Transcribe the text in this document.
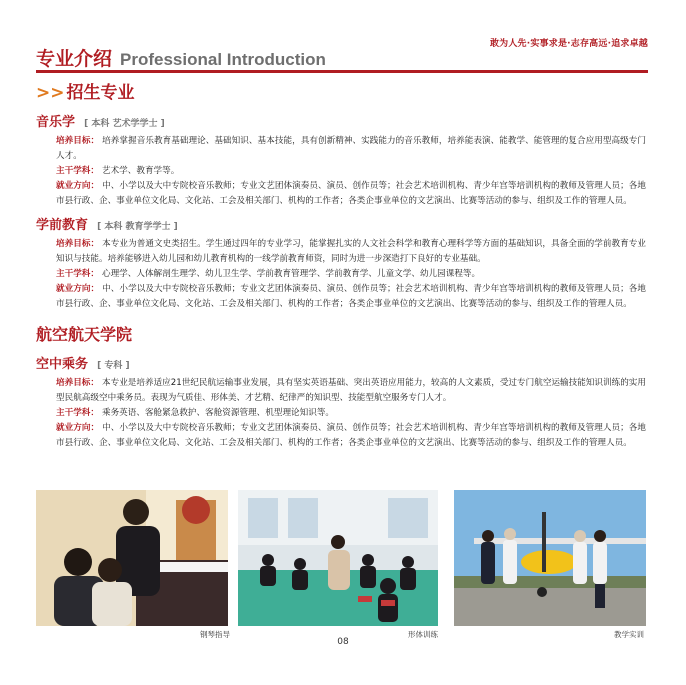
敢为人先·实事求是·志存高远·追求卓越
专业介绍 Professional Introduction
>> 招生专业
音乐学 [ 本科 艺术学学士 ]
培养目标： 培养掌握音乐教育基础理论、基础知识、基本技能，具有创新精神、实践能力的音乐教师，培养能表演、能教学、能管理的复合应用型高级专门人才。
主干学科： 艺术学、教育学等。
就业方向： 中、小学以及大中专院校音乐教师；专业文艺团体演奏员、演员、创作员等；社会艺术培训机构、青少年宫等培训机构的教师及管理人员；各地市县行政、企、事业单位文化局、文化站、工会及相关部门、机构的工作者；各类企事业单位的文艺演出、比赛等活动的参与、组织及工作的管理人员。
学前教育 [ 本科 教育学学士 ]
培养目标： 本专业为普通文史类招生。学生通过四年的专业学习，能掌握扎实的人文社会科学和教育心理科学等方面的基础知识，具备全面的学前教育专业知识与技能。培养能够进入幼儿园和幼儿教育机构的一线学前教育师资，同时为进一步深造打下良好的专业基础。
主干学科： 心理学、人体解剖生理学、幼儿卫生学、学前教育管理学、学前教育学、儿童文学、幼儿园课程等。
就业方向： 中、小学以及大中专院校音乐教师；专业文艺团体演奏员、演员、创作员等；社会艺术培训机构、青少年宫等培训机构的教师及管理人员；各地市县行政、企、事业单位文化局、文化站、工会及相关部门、机构的工作者；各类企事业单位的文艺演出、比赛等活动的参与、组织及工作的管理人员。
航空航天学院
空中乘务 [ 专科 ]
培养目标： 本专业是培养适应21世纪民航运输事业发展，具有坚实英语基础、突出英语应用能力，较高的人文素质，受过专门航空运输技能知识训练的实用型民航高级空中乘务员。表现为气质佳、形体美、才艺精、纪律严的知识型、技能型航空服务专门人才。
主干学科： 乘务英语、客舱紧急救护、客舱资源管理、机型理论知识等。
就业方向： 中、小学以及大中专院校音乐教师；专业文艺团体演奏员、演员、创作员等；社会艺术培训机构、青少年宫等培训机构的教师及管理人员；各地市县行政、企、事业单位文化局、文化站、工会及相关部门、机构的工作者；各类企事业单位的文艺演出、比赛等活动的参与、组织及工作的管理人员。
钢琴指导	形体训练	教学实训
08
